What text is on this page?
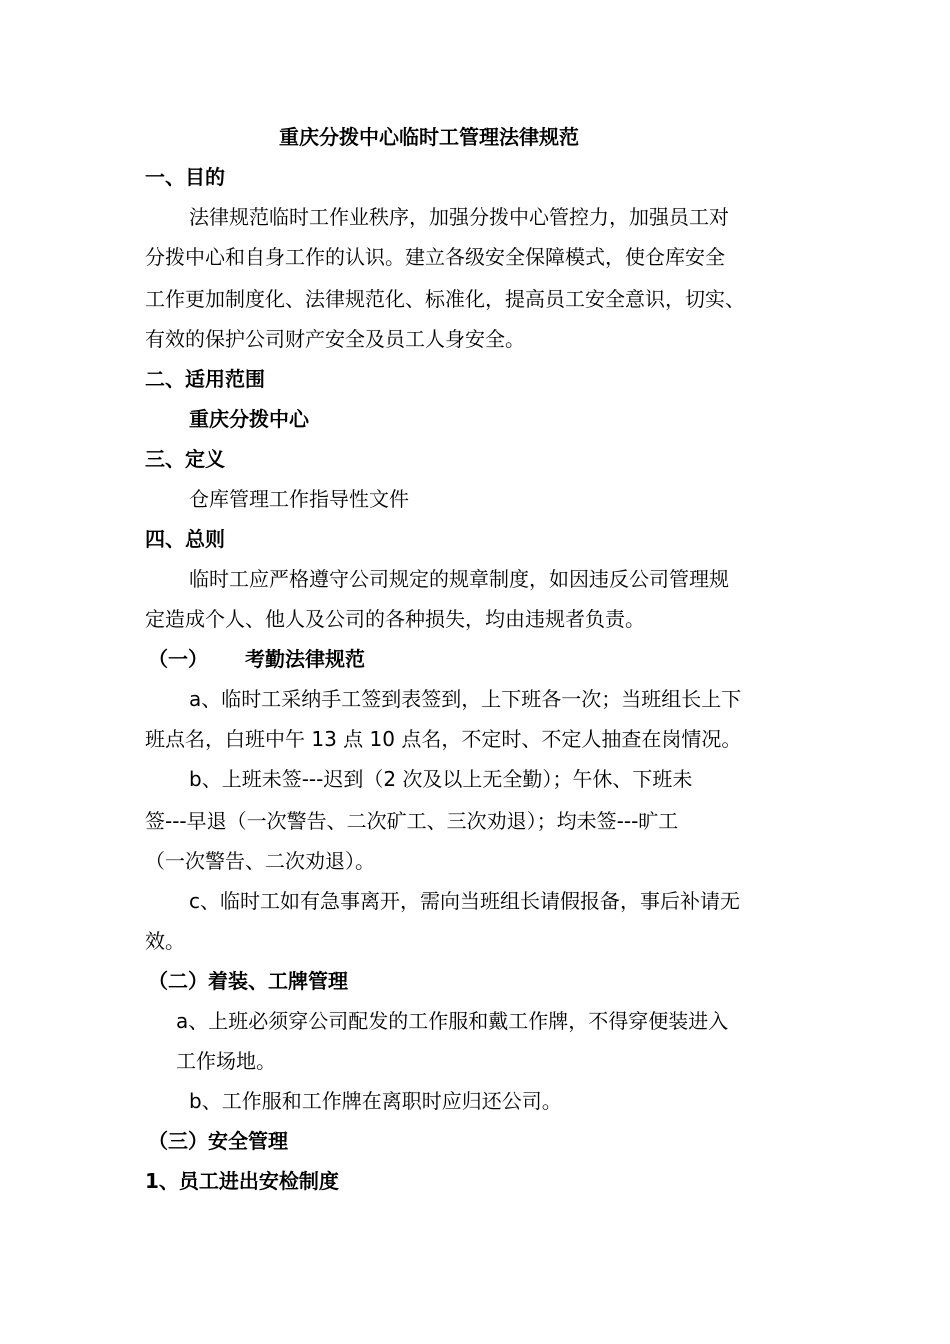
重庆分拨中心临时工管理法律规范
一、目的
法律规范临时工作业秩序，加强分拨中心管控力，加强员工对
分拨中心和自身工作的认识。建立各级安全保障模式，使仓库安全
工作更加制度化、法律规范化、标准化，提高员工安全意识，切实、
有效的保护公司财产安全及员工人身安全。
二、适用范围
重庆分拨中心
三、定义
仓库管理工作指导性文件
四、总则
临时工应严格遵守公司规定的规章制度，如因违反公司管理规
定造成个人、他人及公司的各种损失，均由违规者负责。
（一） 考勤法律规范
a、临时工采纳手工签到表签到，上下班各一次；当班组长上下
班点名，白班中午 13 点 10 点名，不定时、不定人抽查在岗情况。
b、上班未签---迟到（2 次及以上无全勤）；午休、下班未
签---早退（一次警告、二次矿工、三次劝退）；均未签---旷工
（一次警告、二次劝退）。
c、临时工如有急事离开，需向当班组长请假报备，事后补请无
效。
（二）着装、工牌管理
a、上班必须穿公司配发的工作服和戴工作牌，不得穿便装进入
工作场地。
b、工作服和工作牌在离职时应归还公司。
（三）安全管理
1、员工进出安检制度
